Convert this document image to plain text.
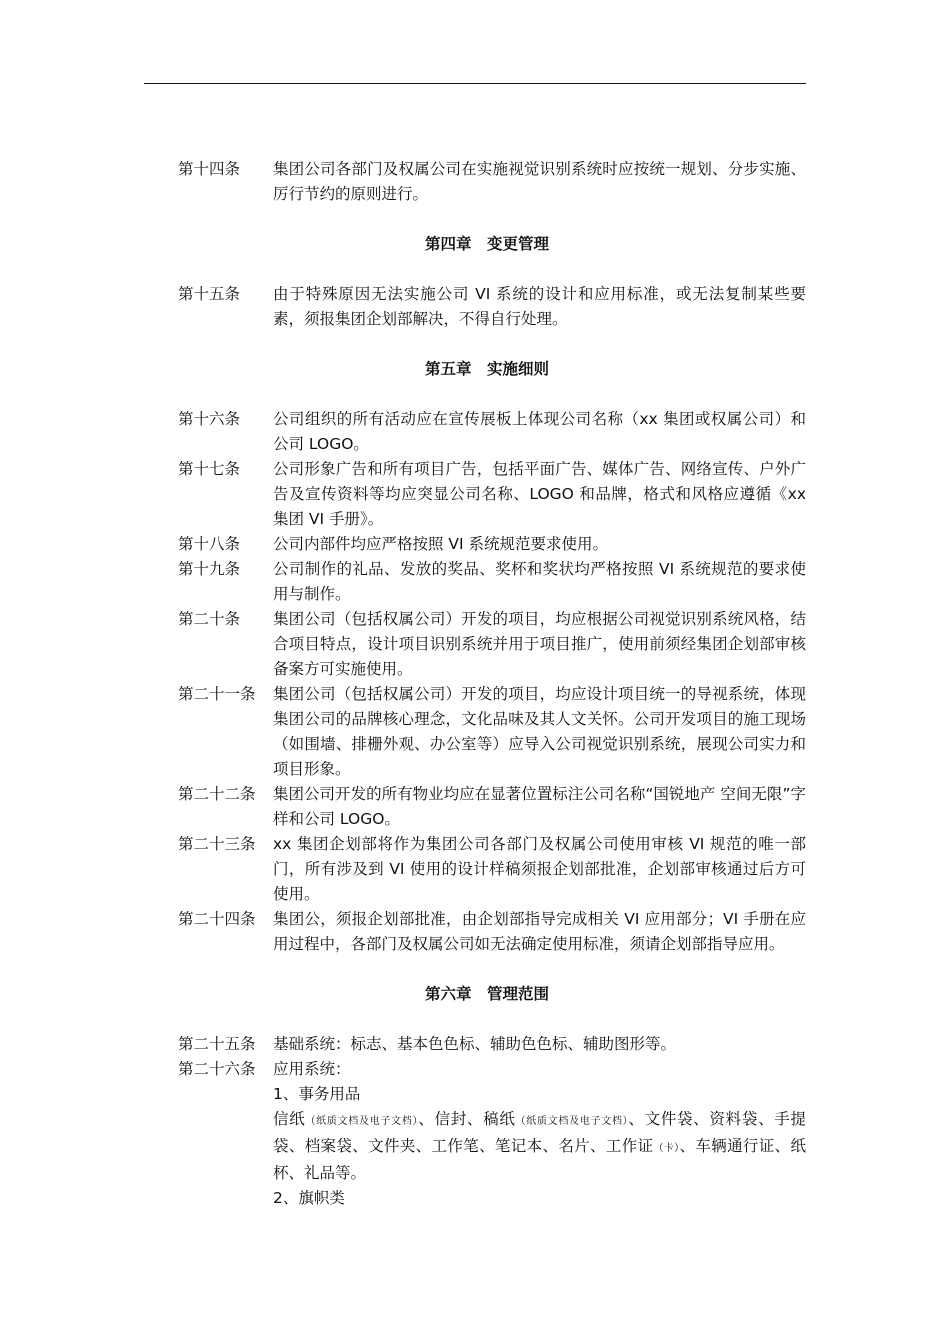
第十四条	集团公司各部门及权属公司在实施视觉识别系统时应按统一规划、分步实施、厉行节约的原则进行。
第四章　变更管理
第十五条	由于特殊原因无法实施公司 VI 系统的设计和应用标准，或无法复制某些要素，须报集团企划部解决，不得自行处理。
第五章　实施细则
第十六条	公司组织的所有活动应在宣传展板上体现公司名称（xx 集团或权属公司）和公司 LOGO。
第十七条	公司形象广告和所有项目广告，包括平面广告、媒体广告、网络宣传、户外广告及宣传资料等均应突显公司名称、LOGO 和品牌，格式和风格应遵循《xx 集团 VI 手册》。
第十八条	公司内部件均应严格按照 VI 系统规范要求使用。
第十九条	公司制作的礼品、发放的奖品、奖杯和奖状均严格按照 VI 系统规范的要求使用与制作。
第二十条	集团公司（包括权属公司）开发的项目，均应根据公司视觉识别系统风格，结合项目特点，设计项目识别系统并用于项目推广，使用前须经集团企划部审核备案方可实施使用。
第二十一条	集团公司（包括权属公司）开发的项目，均应设计项目统一的导视系统，体现集团公司的品牌核心理念，文化品味及其人文关怀。公司开发项目的施工现场（如围墙、排栅外观、办公室等）应导入公司视觉识别系统，展现公司实力和项目形象。
第二十二条	集团公司开发的所有物业均应在显著位置标注公司名称“国锐地产 空间无限”字样和公司 LOGO。
第二十三条	xx 集团企划部将作为集团公司各部门及权属公司使用审核 VI 规范的唯一部门，所有涉及到 VI 使用的设计样稿须报企划部批准，企划部审核通过后方可使用。
第二十四条	集团公，须报企划部批准，由企划部指导完成相关 VI 应用部分；VI 手册在应用过程中，各部门及权属公司如无法确定使用标准，须请企划部指导应用。
第六章　管理范围
第二十五条	基础系统：标志、基本色色标、辅助色色标、辅助图形等。
第二十六条	应用系统：
1、事务用品
信纸（纸质文档及电子文档）、信封、稿纸（纸质文档及电子文档）、文件袋、资料袋、手提袋、档案袋、文件夹、工作笔、笔记本、名片、工作证（卡）、车辆通行证、纸杯、礼品等。
2、旗帜类
